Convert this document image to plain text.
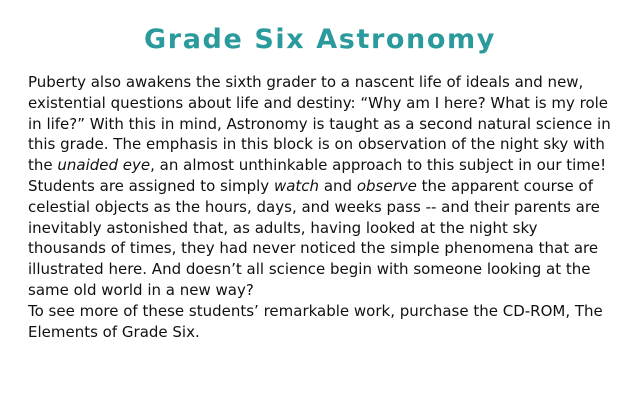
Grade Six Astronomy

Puberty also awakens the sixth grader to a nascent life of ideals and new, existential questions about life and destiny: “Why am I here? What is my role in life?” With this in mind, Astronomy is taught as a second natural science in this grade. The emphasis in this block is on observation of the night sky with the unaided eye, an almost unthinkable approach to this subject in our time! Students are assigned to simply watch and observe the apparent course of celestial objects as the hours, days, and weeks pass -- and their parents are inevitably astonished that, as adults, having looked at the night sky thousands of times, they had never noticed the simple phenomena that are illustrated here. And doesn’t all science begin with someone looking at the same old world in a new way?

To see more of these students’ remarkable work, purchase the CD-ROM, The Elements of Grade Six.
